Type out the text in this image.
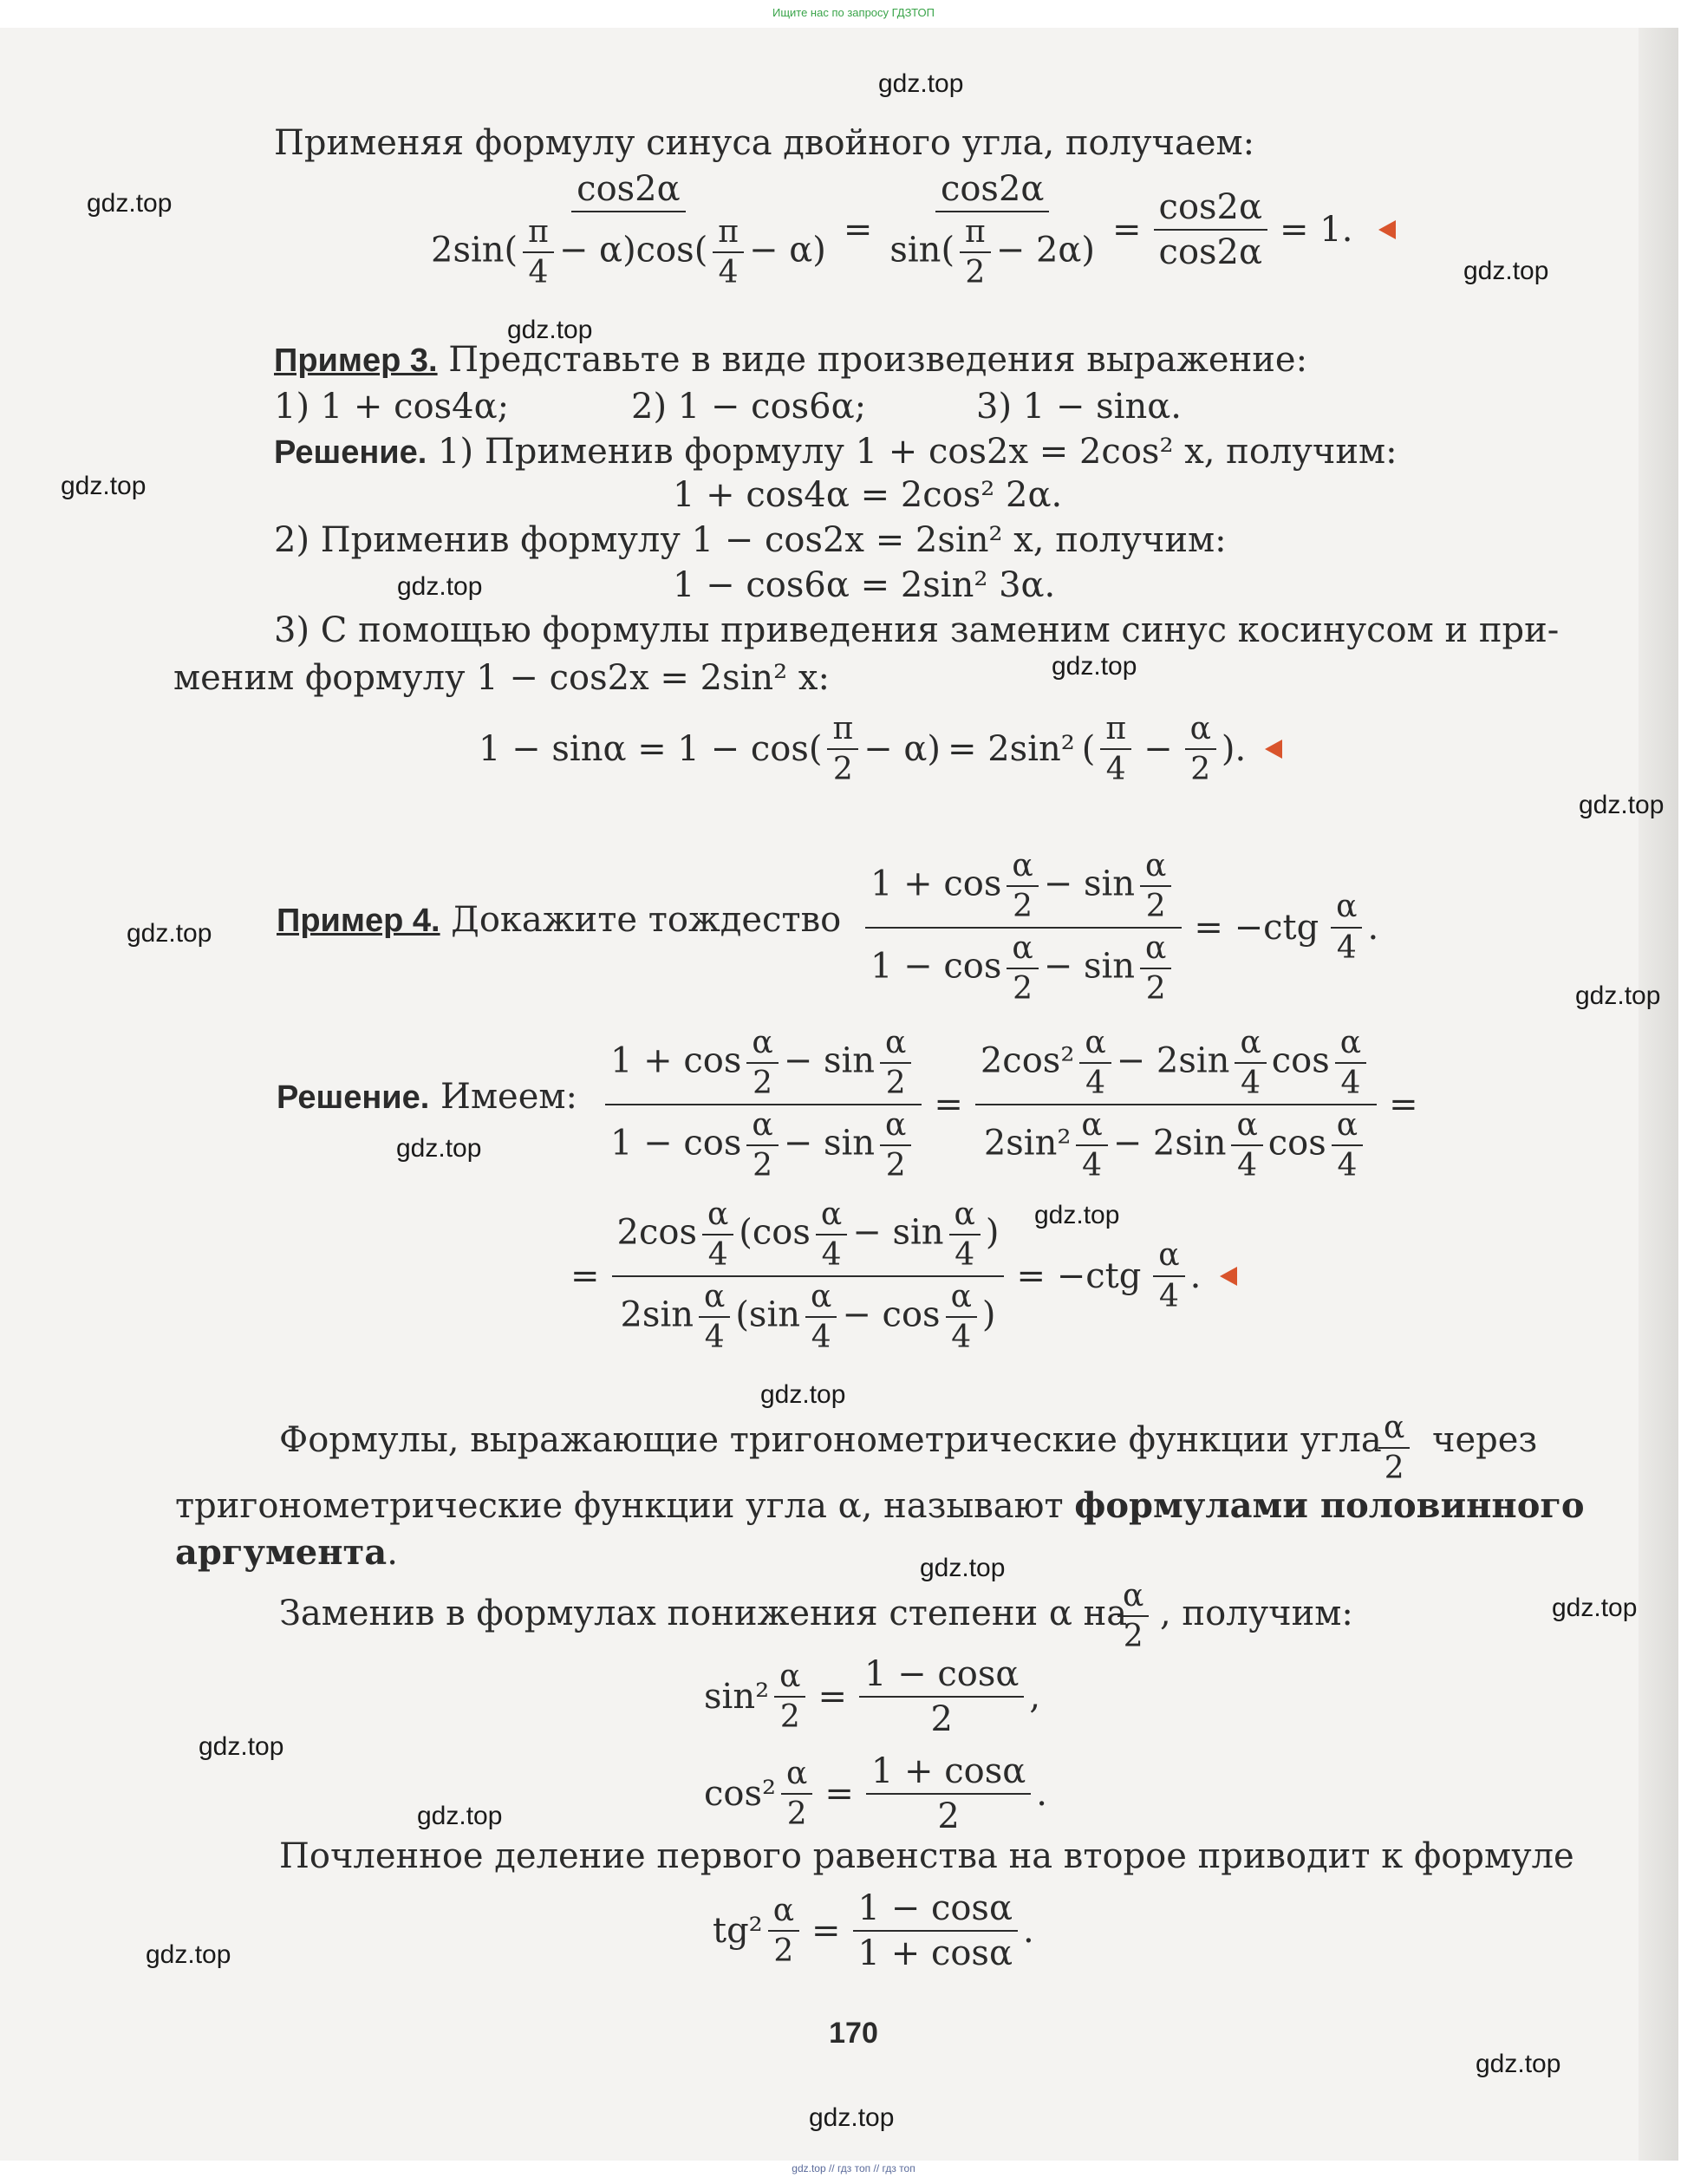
Ищите нас по запросу ГДЗТОП
gdz.top
gdz.top
gdz.top
gdz.top
gdz.top
gdz.top
gdz.top
gdz.top
gdz.top
gdz.top
gdz.top
gdz.top
gdz.top
gdz.top
gdz.top
gdz.top
gdz.top
gdz.top
gdz.top
gdz.top
Применяя формулу синуса двойного угла, получаем:
$\frac{\cos 2\alpha}{2\sin( \frac{\pi}{4} - \alpha)\cos( \frac{\pi}{4} - \alpha)} = \frac{\cos 2\alpha}{\sin( \frac{\pi}{2} - 2\alpha)} = \frac{\cos 2\alpha}{\cos 2\alpha} = 1$.
Пример 3. Представьте в виде произведения выражение:
1) 1 + cos4α;	2) 1 − cos6α;	3) 1 − sinα.
Решение. 1) Применив формулу 1 + cos2x = 2cos² x, получим:
1 + cos4α = 2cos² 2α.
2) Применив формулу 1 − cos2x = 2sin² x, получим:
1 − cos6α = 2sin² 3α.
3) С помощью формулы приведения заменим синус косинусом и при-
меним формулу 1 − cos2x = 2sin² x:
1 − sinα = 1 − cos ( $\frac{\pi}{2} - \alpha$ ) = 2sin² ( $\frac{\pi}{4} - \frac{\alpha}{2}$ ) .
Пример 4. Докажите тождество $\frac{1 + \cos \frac{\alpha}{2} - \sin \frac{\alpha}{2}}{1 - \cos \frac{\alpha}{2} - \sin \frac{\alpha}{2}} = -ctg \frac{\alpha}{4}$ .
Решение. Имеем: $\frac{1 + \cos \frac{\alpha}{2} - \sin \frac{\alpha}{2}}{1 - \cos \frac{\alpha}{2} - \sin \frac{\alpha}{2}} = \frac{2\cos^2 \frac{\alpha}{4} - 2\sin \frac{\alpha}{4} \cos \frac{\alpha}{4}}{2\sin^2 \frac{\alpha}{4} - 2\sin \frac{\alpha}{4} \cos \frac{\alpha}{4}}$ =
= $\frac{2\cos \frac{\alpha}{4} (\cos \frac{\alpha}{4} - \sin \frac{\alpha}{4} )}{2\sin \frac{\alpha}{4} (\sin \frac{\alpha}{4} - \cos \frac{\alpha}{4} )} = -ctg \frac{\alpha}{4}$ .
Формулы, выражающие тригонометрические функции угла
$\frac{\alpha}{2}$ через
тригонометрические функции угла α, называют формулами половинного
аргумента.
Заменив в формулах понижения степени α на
$\frac{\alpha}{2}$ , получим:
$\sin^2 \frac{\alpha}{2} = \frac{1 - \cos\alpha}{2}$ ,
$\cos^2 \frac{\alpha}{2} = \frac{1 + \cos\alpha}{2}$ .
Почленное деление первого равенства на второе приводит к формуле
$tg^2 \frac{\alpha}{2} = \frac{1 - \cos\alpha}{1 + \cos\alpha}$ .
170
gdz.top // гдз топ // гдз топ
